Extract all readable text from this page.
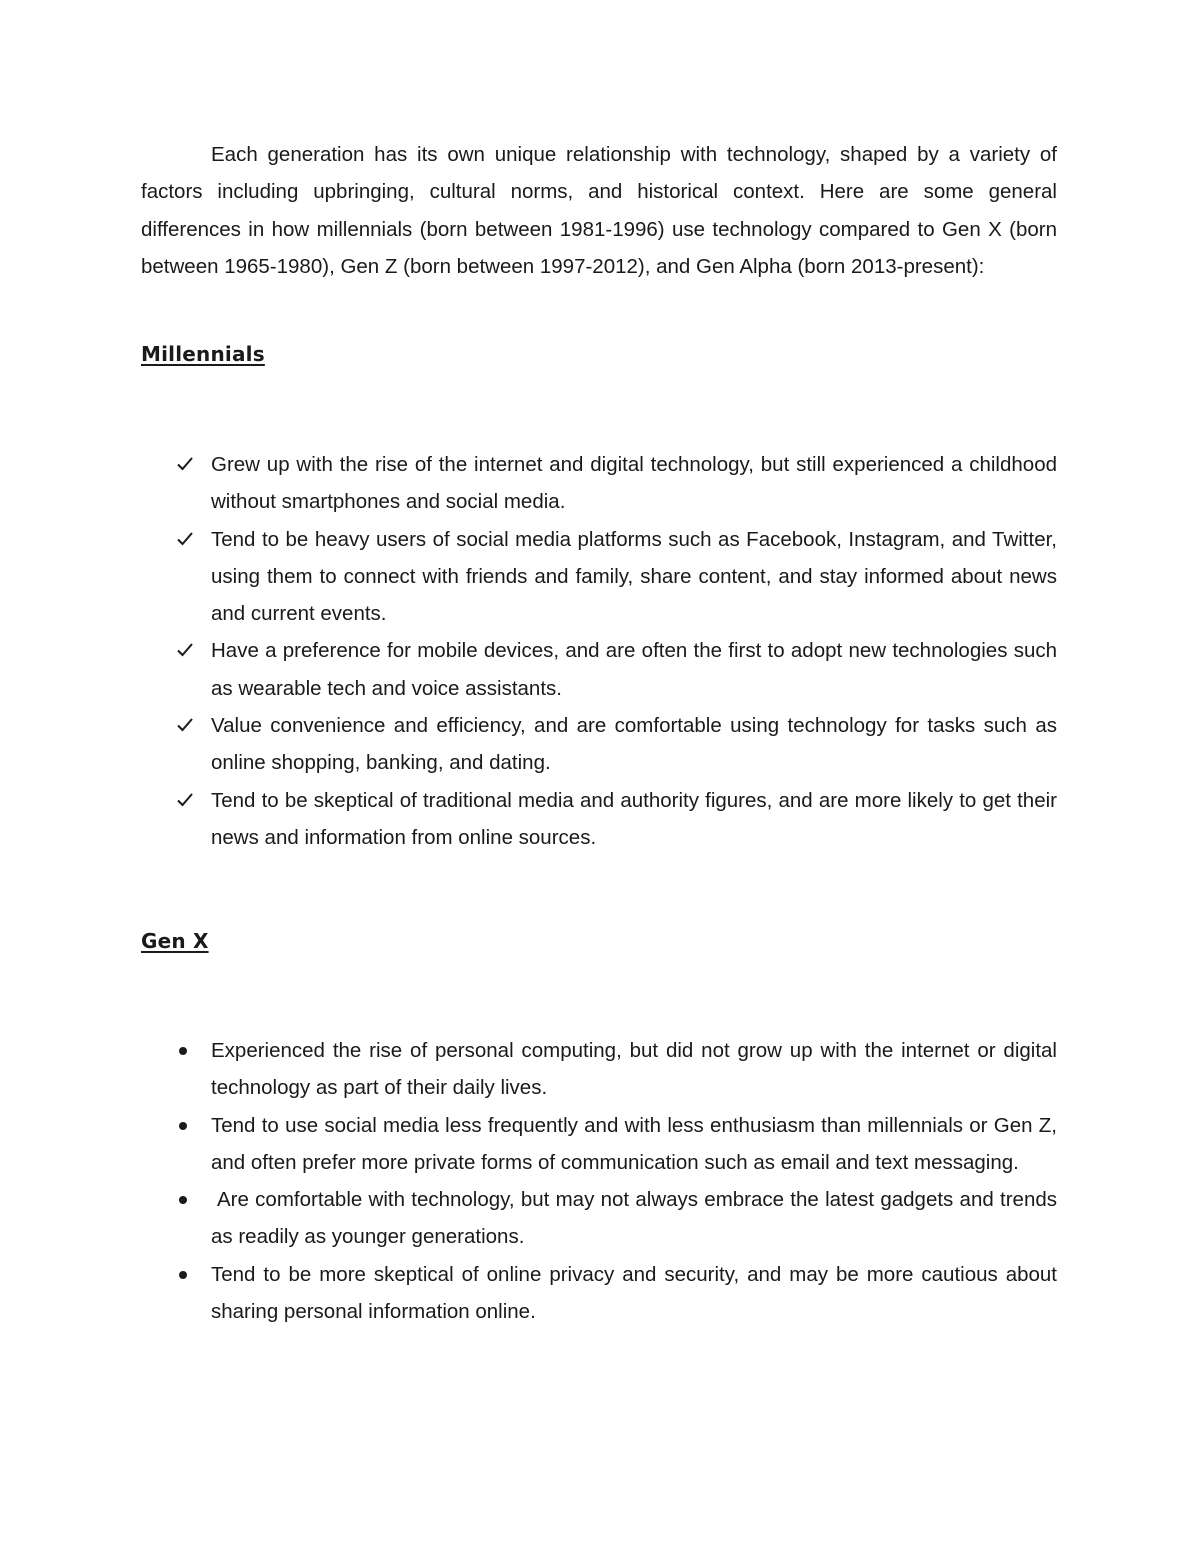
Each generation has its own unique relationship with technology, shaped by a variety of factors including upbringing, cultural norms, and historical context. Here are some general differences in how millennials (born between 1981-1996) use technology compared to Gen X (born between 1965-1980), Gen Z (born between 1997-2012), and Gen Alpha (born 2013-present):

Millennials
Grew up with the rise of the internet and digital technology, but still experienced a childhood without smartphones and social media.
Tend to be heavy users of social media platforms such as Facebook, Instagram, and Twitter, using them to connect with friends and family, share content, and stay informed about news and current events.
Have a preference for mobile devices, and are often the first to adopt new technologies such as wearable tech and voice assistants.
Value convenience and efficiency, and are comfortable using technology for tasks such as online shopping, banking, and dating.
Tend to be skeptical of traditional media and authority figures, and are more likely to get their news and information from online sources.
Gen X
Experienced the rise of personal computing, but did not grow up with the internet or digital technology as part of their daily lives.
Tend to use social media less frequently and with less enthusiasm than millennials or Gen Z, and often prefer more private forms of communication such as email and text messaging.
Are comfortable with technology, but may not always embrace the latest gadgets and trends as readily as younger generations.
Tend to be more skeptical of online privacy and security, and may be more cautious about sharing personal information online.
